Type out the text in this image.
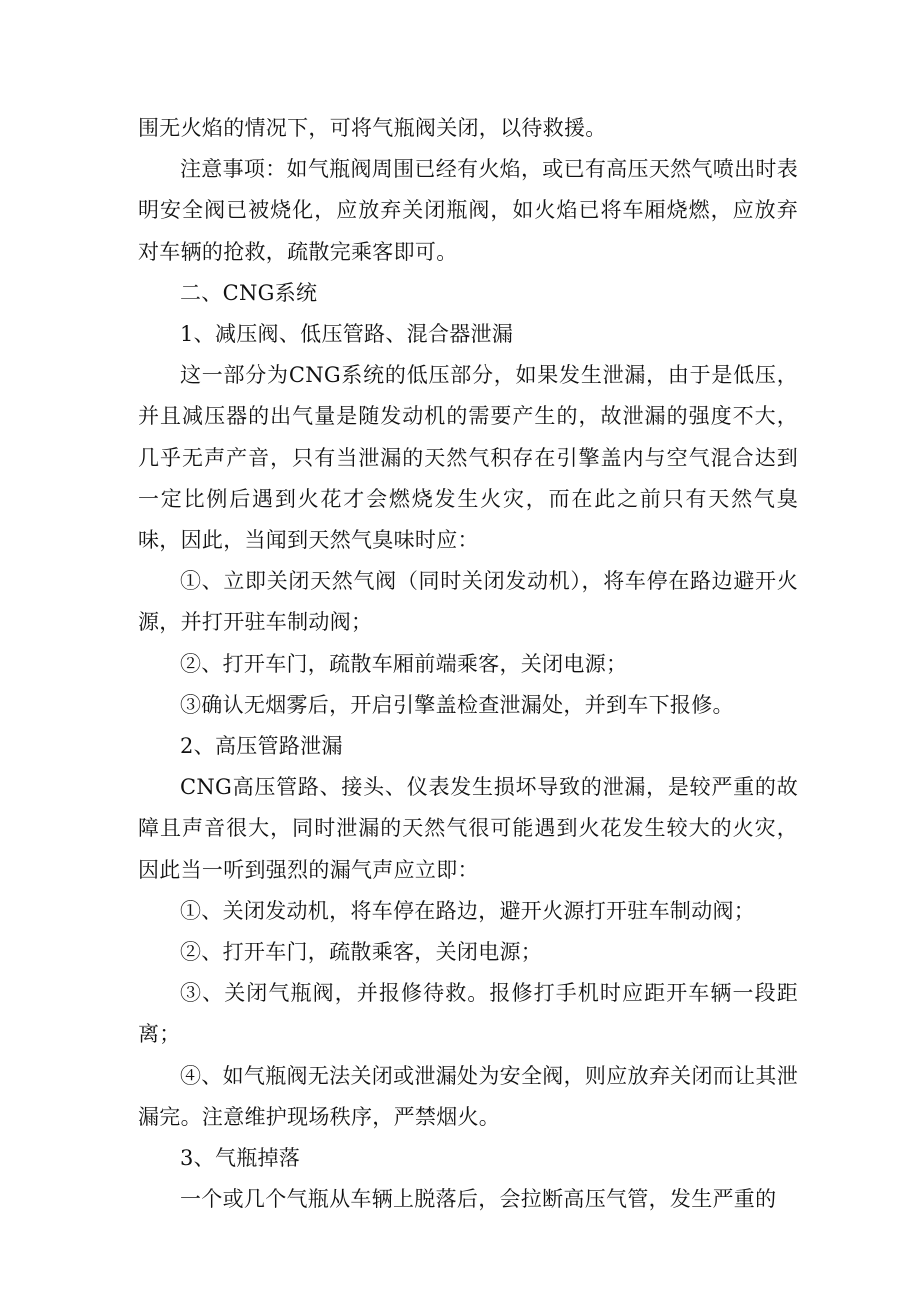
围无火焰的情况下，可将气瓶阀关闭，以待救援。

注意事项：如气瓶阀周围已经有火焰，或已有高压天然气喷出时表明安全阀已被烧化，应放弃关闭瓶阀，如火焰已将车厢烧燃，应放弃对车辆的抢救，疏散完乘客即可。

二、CNG系统

1、减压阀、低压管路、混合器泄漏

这一部分为CNG系统的低压部分，如果发生泄漏，由于是低压，并且减压器的出气量是随发动机的需要产生的，故泄漏的强度不大，几乎无声产音，只有当泄漏的天然气积存在引擎盖内与空气混合达到一定比例后遇到火花才会燃烧发生火灾，而在此之前只有天然气臭味，因此，当闻到天然气臭味时应：

①、立即关闭天然气阀（同时关闭发动机），将车停在路边避开火源，并打开驻车制动阀；

②、打开车门，疏散车厢前端乘客，关闭电源；

③确认无烟雾后，开启引擎盖检查泄漏处，并到车下报修。

2、高压管路泄漏

CNG高压管路、接头、仪表发生损坏导致的泄漏，是较严重的故障且声音很大，同时泄漏的天然气很可能遇到火花发生较大的火灾，因此当一听到强烈的漏气声应立即：

①、关闭发动机，将车停在路边，避开火源打开驻车制动阀；

②、打开车门，疏散乘客，关闭电源；

③、关闭气瓶阀，并报修待救。报修打手机时应距开车辆一段距离；

④、如气瓶阀无法关闭或泄漏处为安全阀，则应放弃关闭而让其泄漏完。注意维护现场秩序，严禁烟火。

3、气瓶掉落

一个或几个气瓶从车辆上脱落后，会拉断高压气管，发生严重的
